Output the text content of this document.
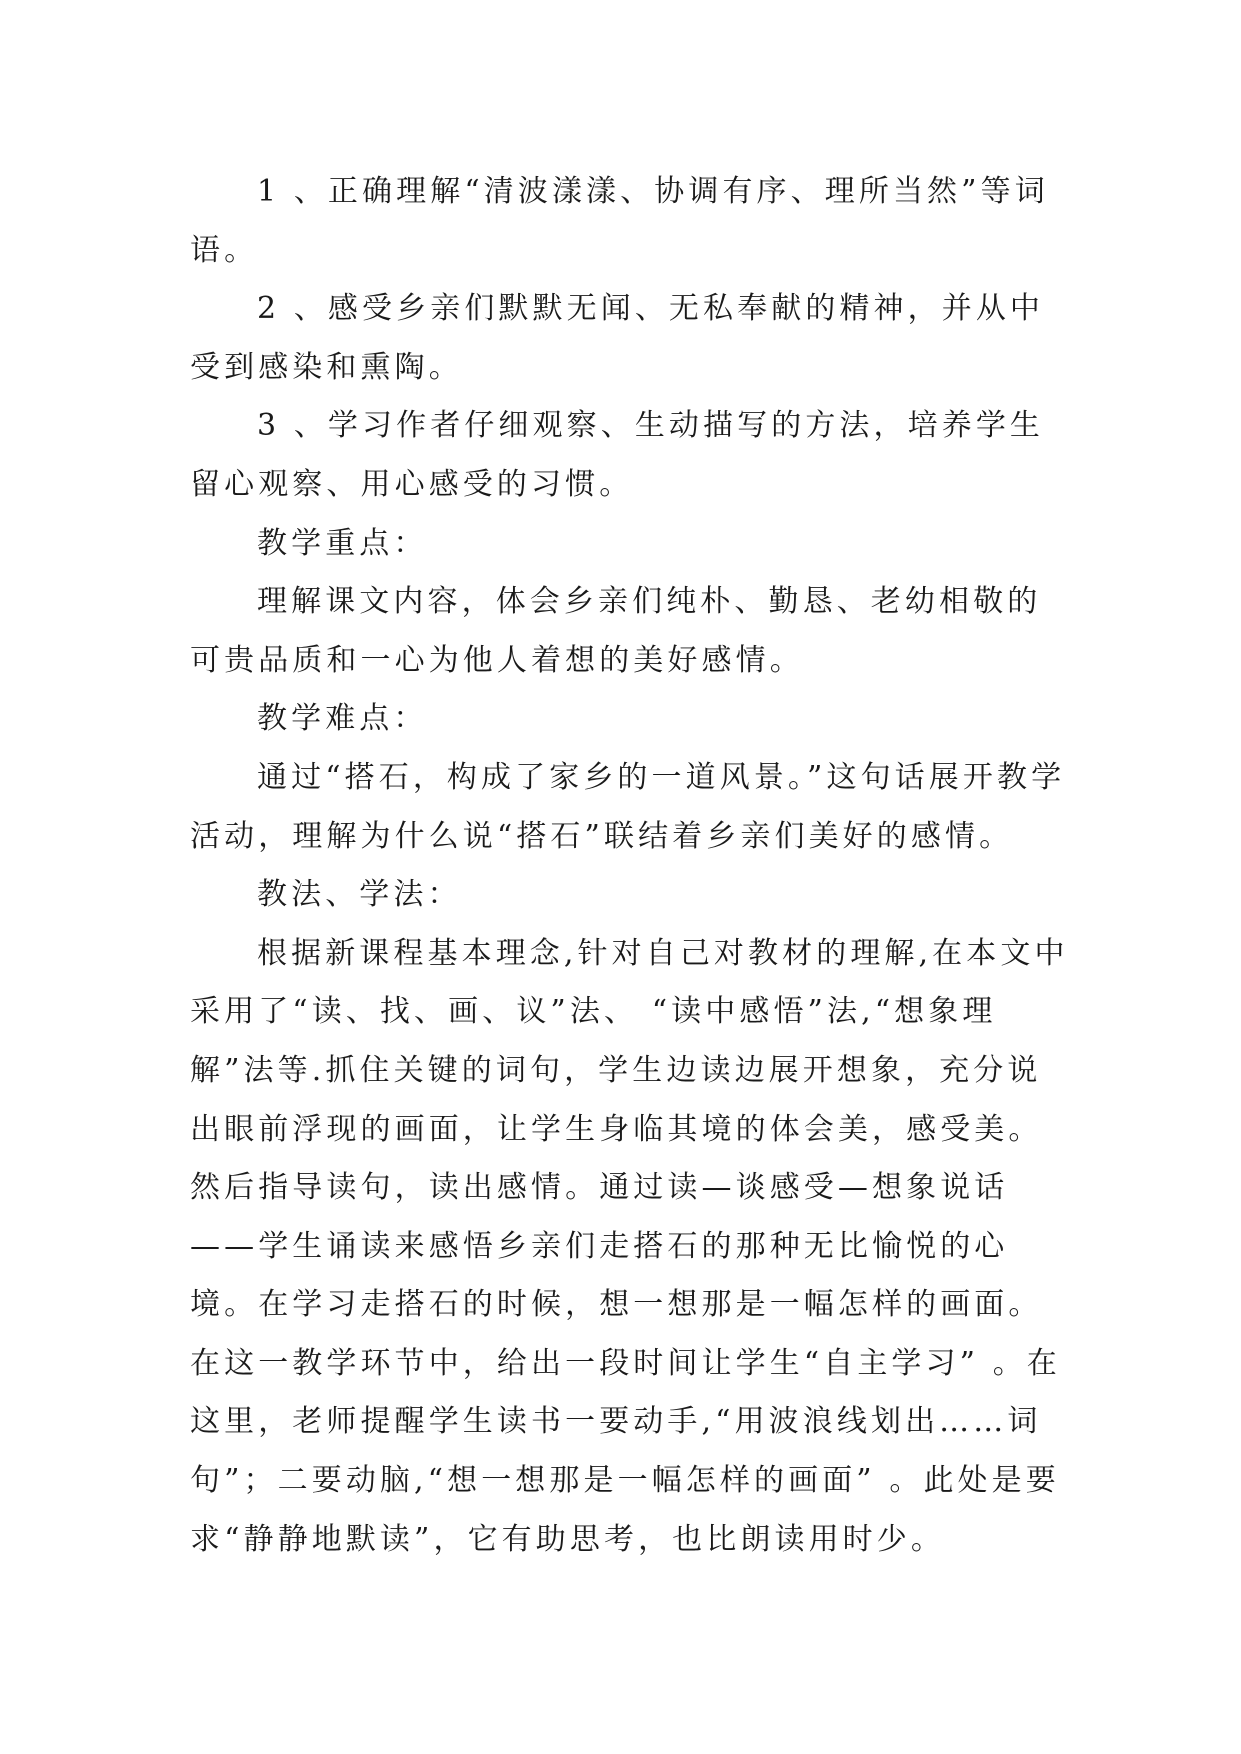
1 、正确理解“清波漾漾、协调有序、理所当然”等词语。

2 、感受乡亲们默默无闻、无私奉献的精神，并从中受到感染和熏陶。

3 、学习作者仔细观察、生动描写的方法，培养学生留心观察、用心感受的习惯。

教学重点：

理解课文内容，体会乡亲们纯朴、勤恳、老幼相敬的可贵品质和一心为他人着想的美好感情。

教学难点：

通过“搭石，构成了家乡的一道风景。”这句话展开教学活动，理解为什么说“搭石”联结着乡亲们美好的感情。

教法、学法：

根据新课程基本理念,针对自己对教材的理解,在本文中采用了“读、找、画、议”法、 “读中感悟”法,“想象理解”法等.抓住关键的词句，学生边读边展开想象，充分说出眼前浮现的画面，让学生身临其境的体会美，感受美。然后指导读句，读出感情。通过读—谈感受—想象说话——学生诵读来感悟乡亲们走搭石的那种无比愉悦的心境。在学习走搭石的时候，想一想那是一幅怎样的画面。在这一教学环节中，给出一段时间让学生“自主学习” 。在这里，老师提醒学生读书一要动手,“用波浪线划出……词句”；二要动脑,“想一想那是一幅怎样的画面” 。此处是要求“静静地默读”，它有助思考，也比朗读用时少。
